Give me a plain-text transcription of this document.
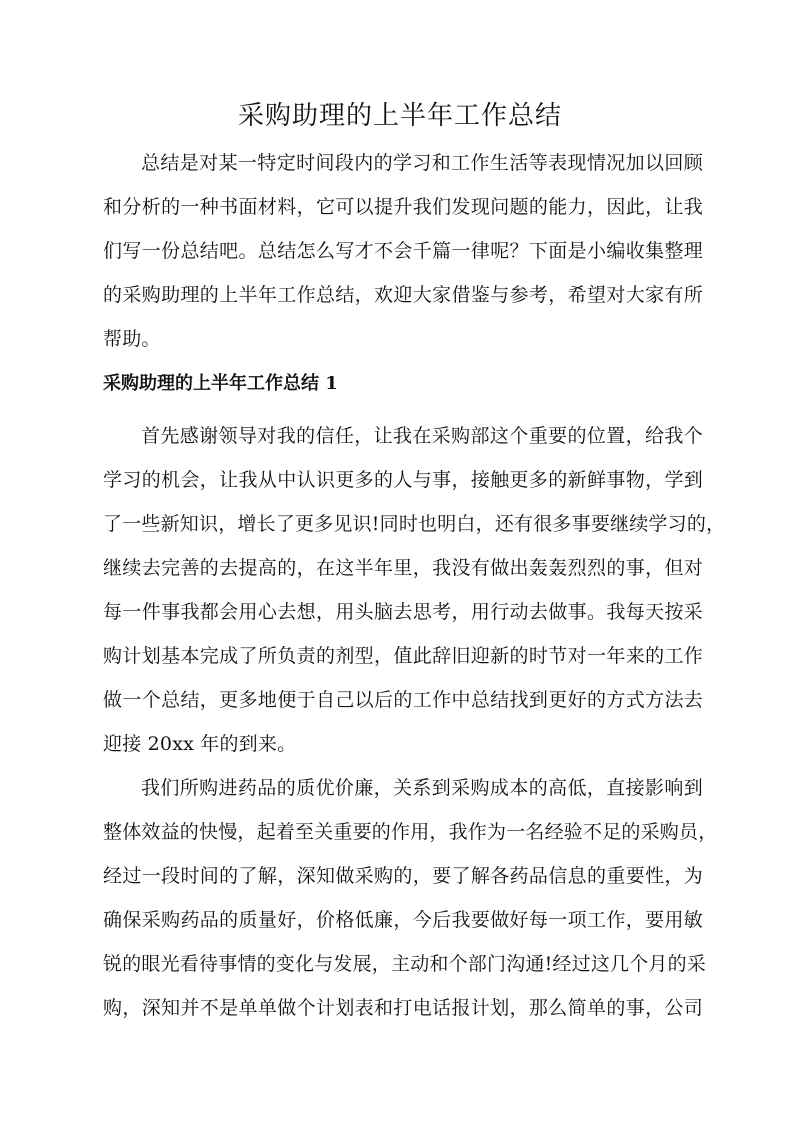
采购助理的上半年工作总结
总结是对某一特定时间段内的学习和工作生活等表现情况加以回顾
和分析的一种书面材料，它可以提升我们发现问题的能力，因此，让我
们写一份总结吧。总结怎么写才不会千篇一律呢？下面是小编收集整理
的采购助理的上半年工作总结，欢迎大家借鉴与参考，希望对大家有所
帮助。
采购助理的上半年工作总结 1
首先感谢领导对我的信任，让我在采购部这个重要的位置，给我个
学习的机会，让我从中认识更多的人与事，接触更多的新鲜事物，学到
了一些新知识，增长了更多见识!同时也明白，还有很多事要继续学习的，
继续去完善的去提高的，在这半年里，我没有做出轰轰烈烈的事，但对
每一件事我都会用心去想，用头脑去思考，用行动去做事。我每天按采
购计划基本完成了所负责的剂型，值此辞旧迎新的时节对一年来的工作
做一个总结，更多地便于自己以后的工作中总结找到更好的方式方法去
迎接 20xx 年的到来。
我们所购进药品的质优价廉，关系到采购成本的高低，直接影响到
整体效益的快慢，起着至关重要的作用，我作为一名经验不足的采购员，
经过一段时间的了解，深知做采购的，要了解各药品信息的重要性，为
确保采购药品的质量好，价格低廉，今后我要做好每一项工作，要用敏
锐的眼光看待事情的变化与发展，主动和个部门沟通!经过这几个月的采
购，深知并不是单单做个计划表和打电话报计划，那么简单的事，公司
